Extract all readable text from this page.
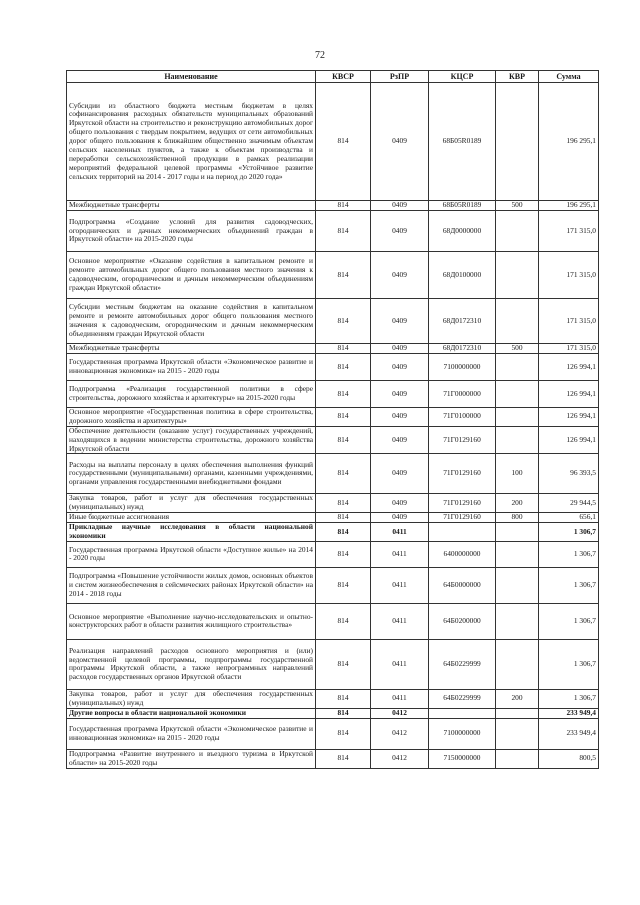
72
Наименование	КВСР	РзПР	КЦСР	КВР	Сумма
Субсидии из областного бюджета местным бюджетам в целях софинансирования расходных обязательств муниципальных образований Иркутской области на строительство и реконструкцию автомобильных дорог общего пользования с твердым покрытием, ведущих от сети автомобильных дорог общего пользования к ближайшим общественно значимым объектам сельских населенных пунктов, а также к объектам производства и переработки сельскохозяйственной продукции в рамках реализации мероприятий федеральной целевой программы «Устойчивое развитие сельских территорий на 2014 - 2017 годы и на период до 2020 года»	814	0409	68Б05R0189		196 295,1
Межбюджетные трансферты	814	0409	68Б05R0189	500	196 295,1
Подпрограмма «Создание условий для развития садоводческих, огороднических и дачных некоммерческих объединений граждан в Иркутской области» на 2015-2020 годы	814	0409	68Д0000000		171 315,0
Основное мероприятие «Оказание содействия в капитальном ремонте и ремонте автомобильных дорог общего пользования местного значения к садоводческим, огородническим и дачным некоммерческим объединениям граждан Иркутской области»	814	0409	68Д0100000		171 315,0
Субсидии местным бюджетам на оказание содействия в капитальном ремонте и ремонте автомобильных дорог общего пользования местного значения к садоводческим, огородническим и дачным некоммерческим объединениям граждан Иркутской области	814	0409	68Д0172310		171 315,0
Межбюджетные трансферты	814	0409	68Д0172310	500	171 315,0
Государственная программа Иркутской области «Экономическое развитие и инновационная экономика» на 2015 - 2020 годы	814	0409	7100000000		126 994,1
Подпрограмма «Реализация государственной политики в сфере строительства, дорожного хозяйства и архитектуры» на 2015-2020 годы	814	0409	71Г0000000		126 994,1
Основное мероприятие «Государственная политика в сфере строительства, дорожного хозяйства и архитектуры»	814	0409	71Г0100000		126 994,1
Обеспечение деятельности (оказание услуг) государственных учреждений, находящихся в ведении министерства строительства, дорожного хозяйства Иркутской области	814	0409	71Г0129160		126 994,1
Расходы на выплаты персоналу в целях обеспечения выполнения функций государственными (муниципальными) органами, казенными учреждениями, органами управления государственными внебюджетными фондами	814	0409	71Г0129160	100	96 393,5
Закупка товаров, работ и услуг для обеспечения государственных (муниципальных) нужд	814	0409	71Г0129160	200	29 944,5
Иные бюджетные ассигнования	814	0409	71Г0129160	800	656,1
Прикладные научные исследования в области национальной экономики	814	0411			1 306,7
Государственная программа Иркутской области «Доступное жилье» на 2014 - 2020 годы	814	0411	6400000000		1 306,7
Подпрограмма «Повышение устойчивости жилых домов, основных объектов и систем жизнеобеспечения в сейсмических районах Иркутской области» на 2014 - 2018 годы	814	0411	64Б0000000		1 306,7
Основное мероприятие «Выполнение научно-исследовательских и опытно-конструкторских работ в области развития жилищного строительства»	814	0411	64Б0200000		1 306,7
Реализация направлений расходов основного мероприятия и (или) ведомственной целевой программы, подпрограммы государственной программы Иркутской области, а также непрограммных направлений расходов государственных органов Иркутской области	814	0411	64Б0229999		1 306,7
Закупка товаров, работ и услуг для обеспечения государственных (муниципальных) нужд	814	0411	64Б0229999	200	1 306,7
Другие вопросы в области национальной экономики	814	0412			233 949,4
Государственная программа Иркутской области «Экономическое развитие и инновационная экономика» на 2015 - 2020 годы	814	0412	7100000000		233 949,4
Подпрограмма «Развитие внутреннего и въездного туризма в Иркутской области» на 2015-2020 годы	814	0412	7150000000		800,5
